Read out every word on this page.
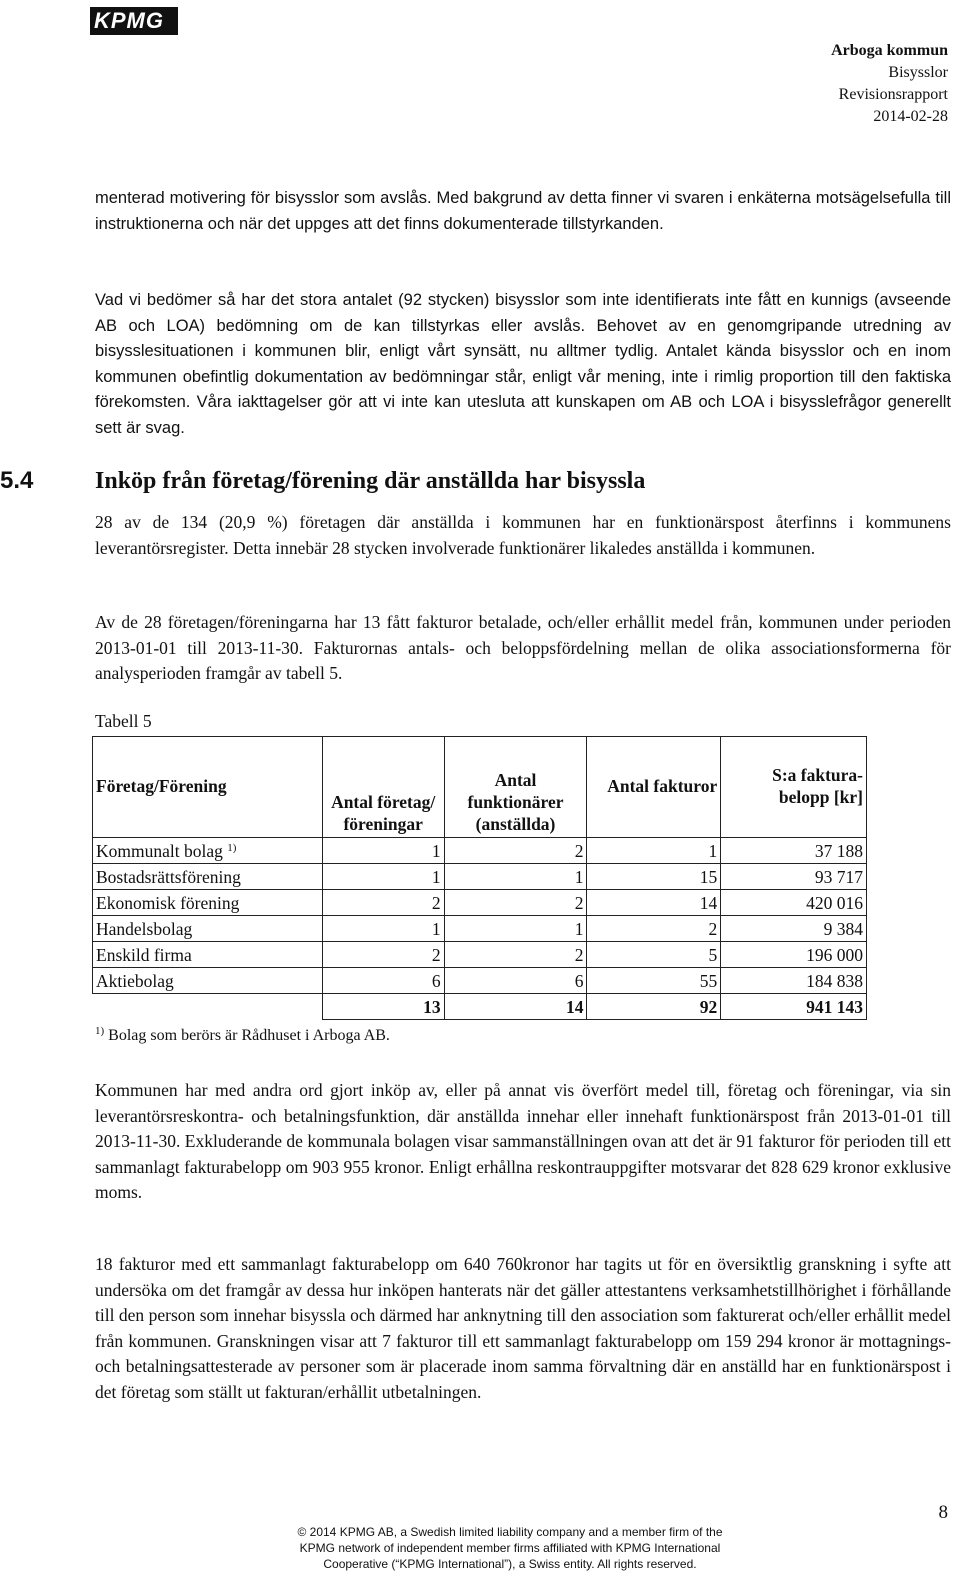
KPMG
Arboga kommun
Bisysslor
Revisionsrapport
2014-02-28

menterad motivering för bisysslor som avslås. Med bakgrund av detta finner vi svaren i enkäterna motsägelsefulla till instruktionerna och när det uppges att det finns dokumenterade tillstyrkanden.

Vad vi bedömer så har det stora antalet (92 stycken) bisysslor som inte identifierats inte fått en kunnigs (avseende AB och LOA) bedömning om de kan tillstyrkas eller avslås. Behovet av en genomgripande utredning av bisysslesituationen i kommunen blir, enligt vårt synsätt, nu alltmer tydlig. Antalet kända bisysslor och en inom kommunen obefintlig dokumentation av bedömningar står, enligt vår mening, inte i rimlig proportion till den faktiska förekomsten. Våra iakttagelser gör att vi inte kan utesluta att kunskapen om AB och LOA i bisysslefrågor generellt sett är svag.

5.4	Inköp från företag/förening där anställda har bisyssla

28 av de 134 (20,9 %) företagen där anställda i kommunen har en funktionärspost återfinns i kommunens leverantörsregister. Detta innebär 28 stycken involverade funktionärer likaledes anställda i kommunen.

Av de 28 företagen/föreningarna har 13 fått fakturor betalade, och/eller erhållit medel från, kommunen under perioden 2013-01-01 till 2013-11-30. Fakturornas antals- och beloppsfördelning mellan de olika associationsformerna för analysperioden framgår av tabell 5.

Tabell 5
Företag/Förening	Antal företag/ föreningar	Antal funktionärer (anställda)	Antal fakturor	S:a faktura-belopp [kr]
Kommunalt bolag $^{1)}$	1	2	1	37 188
Bostadsrättsförening	1	1	15	93 717
Ekonomisk förening	2	2	14	420 016
Handelsbolag	1	1	2	9 384
Enskild firma	2	2	5	196 000
Aktiebolag	6	6	55	184 838
	13	14	92	941 143
$^{1)}$ Bolag som berörs är Rådhuset i Arboga AB.

Kommunen har med andra ord gjort inköp av, eller på annat vis överfört medel till, företag och föreningar, via sin leverantörsreskontra- och betalningsfunktion, där anställda innehar eller innehaft funktionärspost från 2013-01-01 till 2013-11-30. Exkluderande de kommunala bolagen visar sammanställningen ovan att det är 91 fakturor för perioden till ett sammanlagt fakturabelopp om 903 955 kronor. Enligt erhållna reskontrauppgifter motsvarar det 828 629 kronor exklusive moms.

18 fakturor med ett sammanlagt fakturabelopp om 640 760kronor har tagits ut för en översiktlig granskning i syfte att undersöka om det framgår av dessa hur inköpen hanterats när det gäller attestantens verksamhetstillhörighet i förhållande till den person som innehar bisyssla och därmed har anknytning till den association som fakturerat och/eller erhållit medel från kommunen. Granskningen visar att 7 fakturor till ett sammanlagt fakturabelopp om 159 294 kronor är mottagnings- och betalningsattesterade av personer som är placerade inom samma förvaltning där en anställd har en funktionärspost i det företag som ställt ut fakturan/erhållit utbetalningen.

8
© 2014 KPMG AB, a Swedish limited liability company and a member firm of the
KPMG network of independent member firms affiliated with KPMG International
Cooperative (“KPMG International”), a Swiss entity. All rights reserved.
